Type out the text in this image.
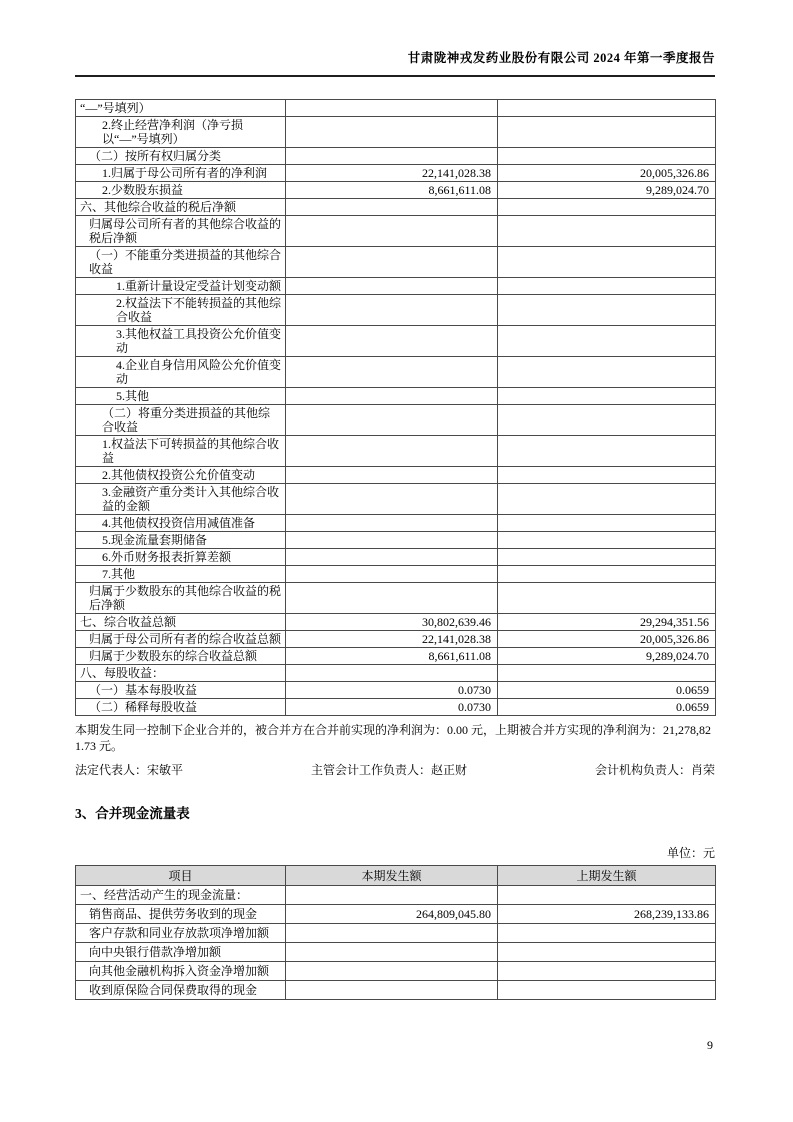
甘肃陇神戎发药业股份有限公司 2024 年第一季度报告
“—”号填列）		
2.终止经营净利润（净亏损以“—”号填列）		
（二）按所有权归属分类		
1.归属于母公司所有者的净利润	22,141,028.38	20,005,326.86
2.少数股东损益	8,661,611.08	9,289,024.70
六、其他综合收益的税后净额		
归属母公司所有者的其他综合收益的税后净额		
（一）不能重分类进损益的其他综合收益		
1.重新计量设定受益计划变动额		
2.权益法下不能转损益的其他综合收益		
3.其他权益工具投资公允价值变动		
4.企业自身信用风险公允价值变动		
5.其他		
（二）将重分类进损益的其他综合收益		
1.权益法下可转损益的其他综合收益		
2.其他债权投资公允价值变动		
3.金融资产重分类计入其他综合收益的金额		
4.其他债权投资信用减值准备		
5.现金流量套期储备		
6.外币财务报表折算差额		
7.其他		
归属于少数股东的其他综合收益的税后净额		
七、综合收益总额	30,802,639.46	29,294,351.56
归属于母公司所有者的综合收益总额	22,141,028.38	20,005,326.86
归属于少数股东的综合收益总额	8,661,611.08	9,289,024.70
八、每股收益：		
（一）基本每股收益	0.0730	0.0659
（二）稀释每股收益	0.0730	0.0659
本期发生同一控制下企业合并的，被合并方在合并前实现的净利润为：0.00 元，上期被合并方实现的净利润为：21,278,821.73 元。
法定代表人：宋敏平	主管会计工作负责人：赵正财	会计机构负责人：肖荣
3、合并现金流量表
单位：元
项目	本期发生额	上期发生额
一、经营活动产生的现金流量：		
销售商品、提供劳务收到的现金	264,809,045.80	268,239,133.86
客户存款和同业存放款项净增加额		
向中央银行借款净增加额		
向其他金融机构拆入资金净增加额		
收到原保险合同保费取得的现金		
9
